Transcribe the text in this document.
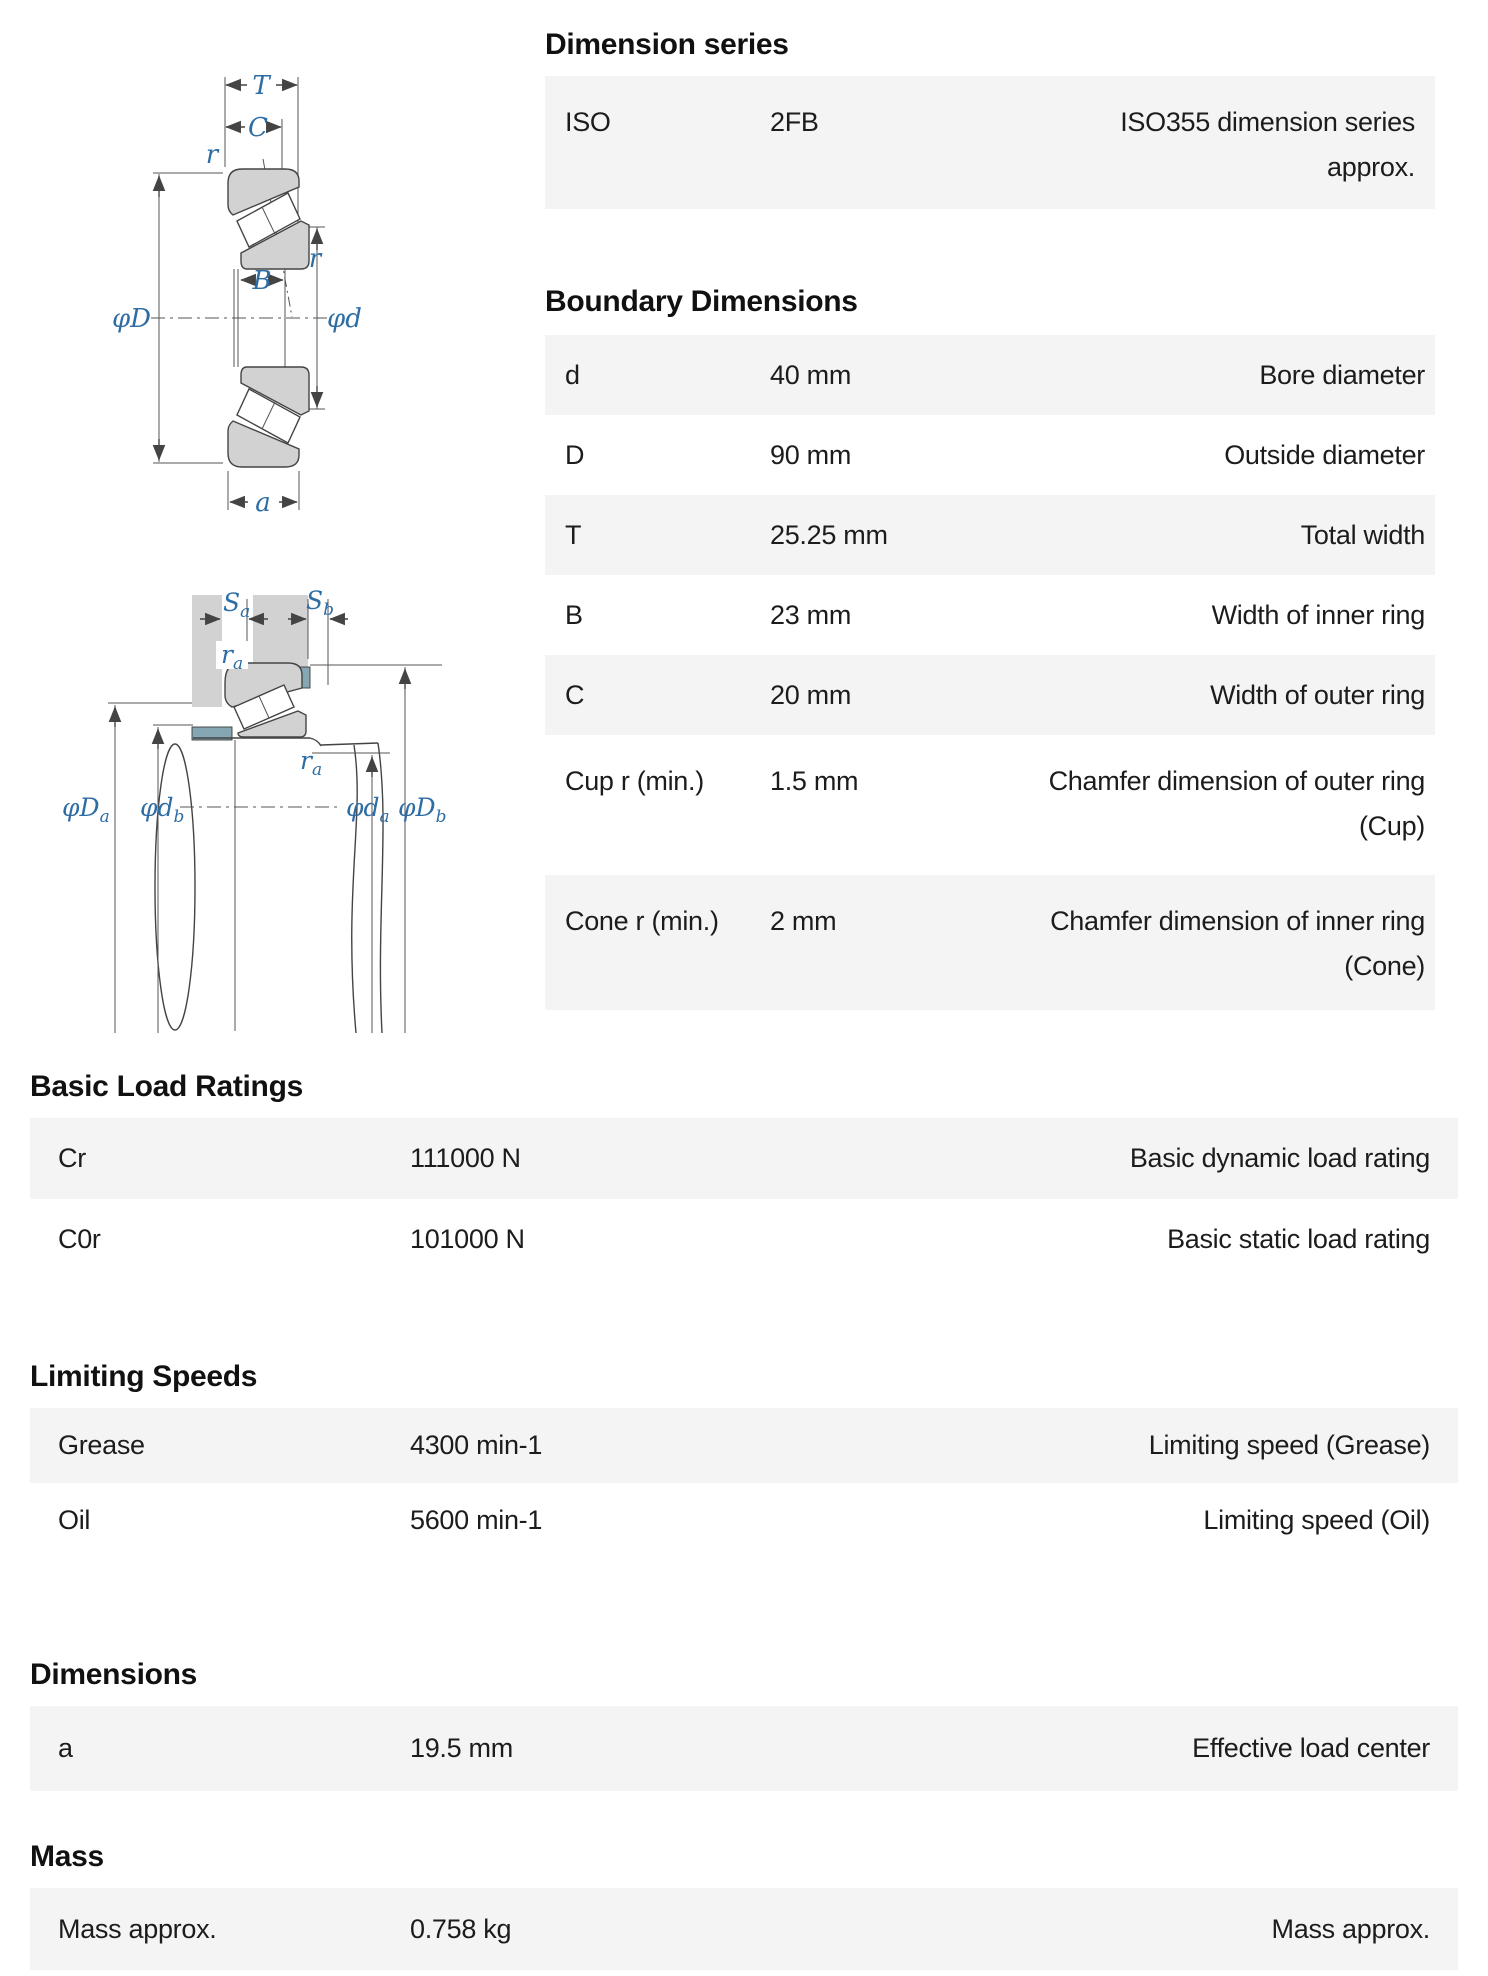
T
C
r
r
B
φD	φd
a
$S_a$ $S_b$
$r_a$
$r_a$
$\varphi D_a$ $\varphi d_b$	$\varphi d_a$ $\varphi D_b$
Dimension series
ISO	2FB	ISO355 dimension series approx.
Boundary Dimensions
d	40 mm	Bore diameter
D	90 mm	Outside diameter
T	25.25 mm	Total width
B	23 mm	Width of inner ring
C	20 mm	Width of outer ring
Cup r (min.)	1.5 mm	Chamfer dimension of outer ring (Cup)
Cone r (min.)	2 mm	Chamfer dimension of inner ring (Cone)
Basic Load Ratings
Cr	111000 N	Basic dynamic load rating
C0r	101000 N	Basic static load rating
Limiting Speeds
Grease	4300 min-1	Limiting speed (Grease)
Oil	5600 min-1	Limiting speed (Oil)
Dimensions
a	19.5 mm	Effective load center
Mass
Mass approx.	0.758 kg	Mass approx.
